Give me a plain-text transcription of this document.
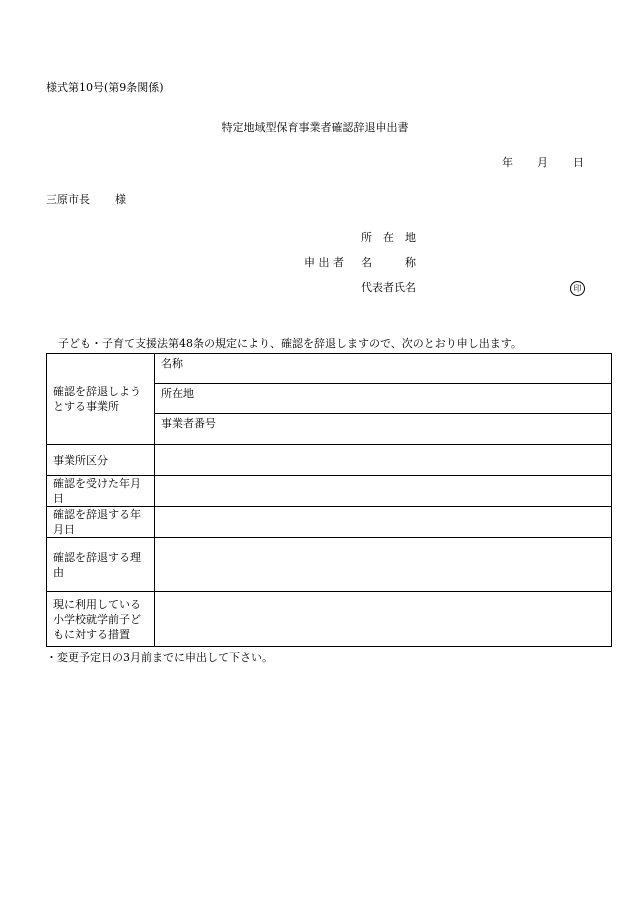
様式第10号(第9条関係)
特定地域型保育事業者確認辞退申出書
年 月 日
三原市長 様
所　在　地
申 出 者 名　　　称
代表者氏名	印
子ども・子育て支援法第48条の規定により、確認を辞退しますので、次のとおり申し出ます。
確認を辞退しようとする事業所	名称
	所在地
	事業者番号
事業所区分	
確認を受けた年月日	
確認を辞退する年月日	
確認を辞退する理由	
現に利用している小学校就学前子どもに対する措置	
・変更予定日の3月前までに申出して下さい。
